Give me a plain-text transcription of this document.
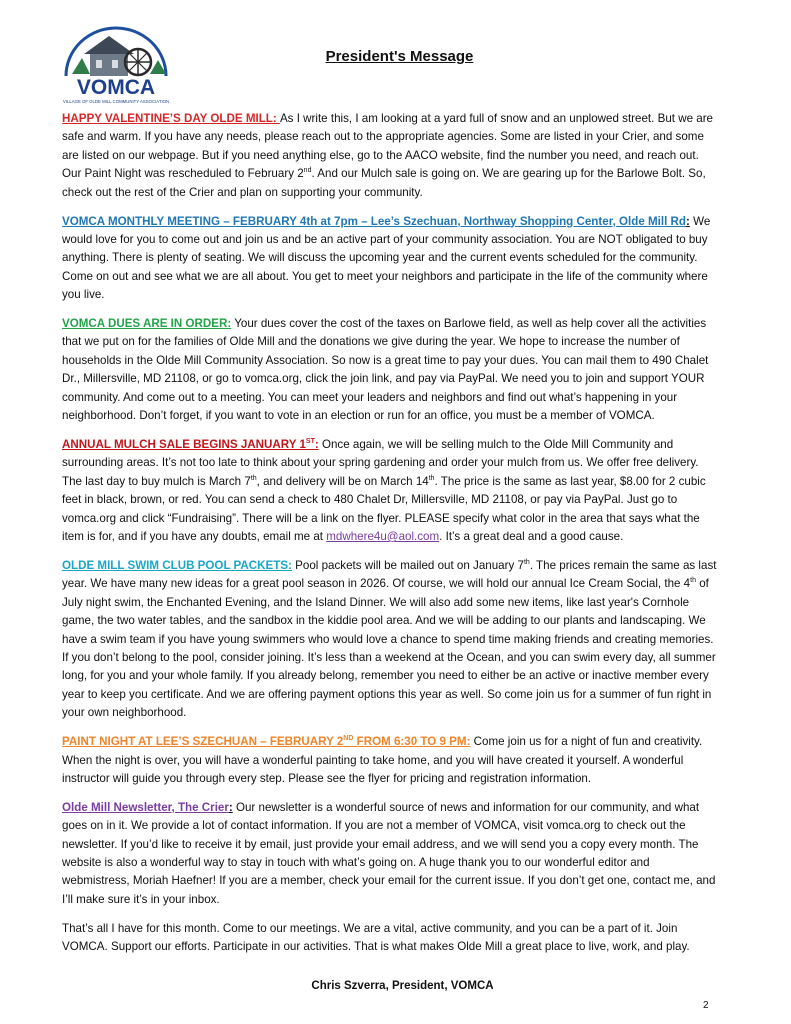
VOMCA
VILLAGE OF OLDE MILL COMMUNITY ASSOCIATION
President's Message

HAPPY VALENTINE’S DAY OLDE MILL: As I write this, I am looking at a yard full of snow and an unplowed street. But we are safe and warm. If you have any needs, please reach out to the appropriate agencies. Some are listed in your Crier, and some are listed on our webpage. But if you need anything else, go to the AACO website, find the number you need, and reach out. Our Paint Night was rescheduled to February 2nd. And our Mulch sale is going on. We are gearing up for the Barlowe Bolt. So, check out the rest of the Crier and plan on supporting your community.

VOMCA MONTHLY MEETING – FEBRUARY 4th at 7pm – Lee’s Szechuan, Northway Shopping Center, Olde Mill Rd: We would love for you to come out and join us and be an active part of your community association. You are NOT obligated to buy anything. There is plenty of seating. We will discuss the upcoming year and the current events scheduled for the community. Come on out and see what we are all about. You get to meet your neighbors and participate in the life of the community where you live.

VOMCA DUES ARE IN ORDER: Your dues cover the cost of the taxes on Barlowe field, as well as help cover all the activities that we put on for the families of Olde Mill and the donations we give during the year. We hope to increase the number of households in the Olde Mill Community Association. So now is a great time to pay your dues. You can mail them to 490 Chalet Dr., Millersville, MD 21108, or go to vomca.org, click the join link, and pay via PayPal. We need you to join and support YOUR community. And come out to a meeting. You can meet your leaders and neighbors and find out what’s happening in your neighborhood. Don’t forget, if you want to vote in an election or run for an office, you must be a member of VOMCA.

ANNUAL MULCH SALE BEGINS JANUARY 1ST: Once again, we will be selling mulch to the Olde Mill Community and surrounding areas. It’s not too late to think about your spring gardening and order your mulch from us. We offer free delivery. The last day to buy mulch is March 7th, and delivery will be on March 14th. The price is the same as last year, $8.00 for 2 cubic feet in black, brown, or red. You can send a check to 480 Chalet Dr, Millersville, MD 21108, or pay via PayPal. Just go to vomca.org and click “Fundraising”. There will be a link on the flyer. PLEASE specify what color in the area that says what the item is for, and if you have any doubts, email me at mdwhere4u@aol.com. It’s a great deal and a good cause.

OLDE MILL SWIM CLUB POOL PACKETS: Pool packets will be mailed out on January 7th. The prices remain the same as last year. We have many new ideas for a great pool season in 2026. Of course, we will hold our annual Ice Cream Social, the 4th of July night swim, the Enchanted Evening, and the Island Dinner. We will also add some new items, like last year's Cornhole game, the two water tables, and the sandbox in the kiddie pool area. And we will be adding to our plants and landscaping. We have a swim team if you have young swimmers who would love a chance to spend time making friends and creating memories. If you don’t belong to the pool, consider joining. It’s less than a weekend at the Ocean, and you can swim every day, all summer long, for you and your whole family. If you already belong, remember you need to either be an active or inactive member every year to keep you certificate. And we are offering payment options this year as well. So come join us for a summer of fun right in your own neighborhood.

PAINT NIGHT AT LEE’S SZECHUAN – FEBRUARY 2ND FROM 6:30 TO 9 PM: Come join us for a night of fun and creativity. When the night is over, you will have a wonderful painting to take home, and you will have created it yourself. A wonderful instructor will guide you through every step. Please see the flyer for pricing and registration information.

Olde Mill Newsletter, The Crier: Our newsletter is a wonderful source of news and information for our community, and what goes on in it. We provide a lot of contact information. If you are not a member of VOMCA, visit vomca.org to check out the newsletter. If you’d like to receive it by email, just provide your email address, and we will send you a copy every month. The website is also a wonderful way to stay in touch with what’s going on. A huge thank you to our wonderful editor and webmistress, Moriah Haefner! If you are a member, check your email for the current issue. If you don’t get one, contact me, and I’ll make sure it’s in your inbox.

That’s all I have for this month. Come to our meetings. We are a vital, active community, and you can be a part of it. Join VOMCA. Support our efforts. Participate in our activities. That is what makes Olde Mill a great place to live, work, and play.

Chris Szverra, President, VOMCA
2
